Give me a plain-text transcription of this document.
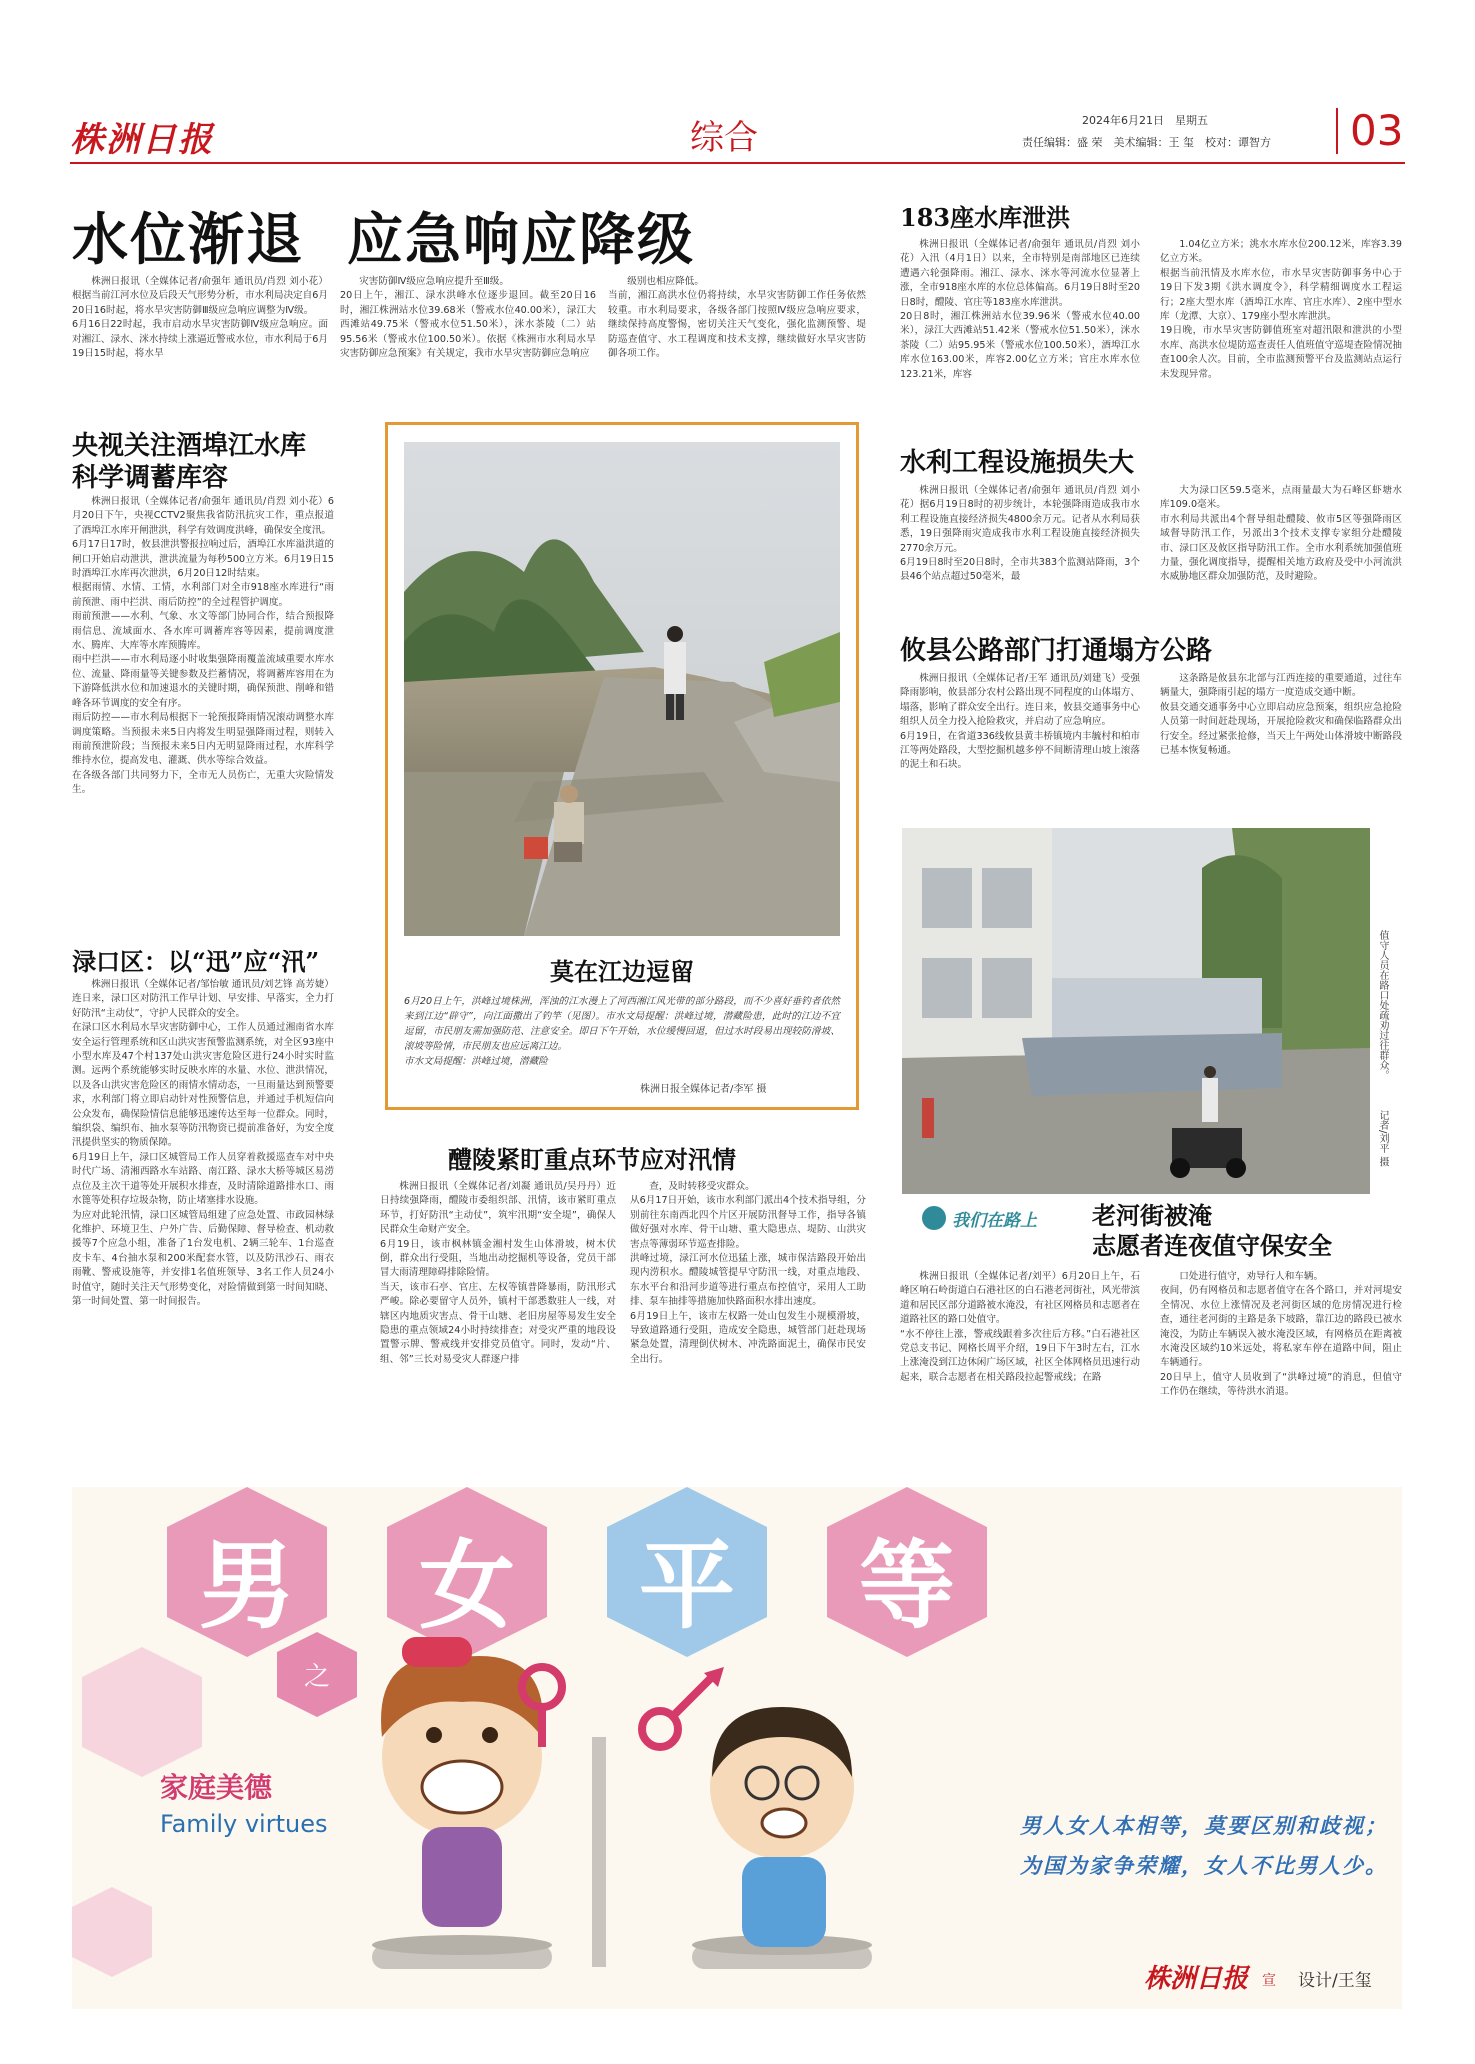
株洲日报	综合	2024年6月21日　星期五
责任编辑：盛 荣　美术编辑：王 玺　校对：谭智方 03
水位渐退  应急响应降级
株洲日报讯（全媒体记者/俞强年 通讯员/肖烈 刘小花）根据当前江河水位及后段天气形势分析，市水利局决定自6月20日16时起，将水旱灾害防御Ⅲ级应急响应调整为Ⅳ级。
6月16日22时起，我市启动水旱灾害防御Ⅳ级应急响应。面对湘江、渌水、洣水持续上涨逼近警戒水位，市水利局于6月19日15时起，将水旱
灾害防御Ⅳ级应急响应提升至Ⅲ级。
20日上午，湘江、渌水洪峰水位逐步退回。截至20日16时，湘江株洲站水位39.68米（警戒水位40.00米），渌江大西滩站49.75米（警戒水位51.50米），洣水茶陵（二）站95.56米（警戒水位100.50米）。依据《株洲市水利局水旱灾害防御应急预案》有关规定，我市水旱灾害防御应急响应
级别也相应降低。
当前，湘江高洪水位仍将持续，水旱灾害防御工作任务依然较重。市水利局要求，各级各部门按照Ⅳ级应急响应要求，继续保持高度警惕，密切关注天气变化，强化监测预警、堤防巡查值守、水工程调度和技术支撑，继续做好水旱灾害防御各项工作。
央视关注酒埠江水库
科学调蓄库容
株洲日报讯（全媒体记者/俞强年 通讯员/肖烈 刘小花）6月20日下午，央视CCTV2聚焦我省防汛抗灾工作，重点报道了酒埠江水库开闸泄洪，科学有效调度洪峰，确保安全度汛。
6月17日17时，攸县泄洪警报拉响过后，酒埠江水库溢洪道的闸口开始启动泄洪，泄洪流量为每秒500立方米。6月19日15时酒埠江水库再次泄洪，6月20日12时结束。
根据雨情、水情、工情，水利部门对全市918座水库进行“雨前预泄、雨中拦洪、雨后防控”的全过程管护调度。
雨前预泄——水利、气象、水文等部门协同合作，结合预报降雨信息、流域面水、各水库可调蓄库容等因素，提前调度泄水、腾库、大库等水库预腾库。
雨中拦洪——市水利局逐小时收集强降雨覆盖流域重要水库水位、流量、降雨量等关键参数及拦蓄情况，将调蓄库容用在为下游降低洪水位和加速退水的关键时期，确保预泄、削峰和错峰各环节调度的安全有序。
雨后防控——市水利局根据下一轮预报降雨情况滚动调整水库调度策略。当预报未来5日内将发生明显强降雨过程，则转入雨前预泄阶段；当预报未来5日内无明显降雨过程，水库科学维持水位，提高发电、灌溉、供水等综合效益。
在各级各部门共同努力下，全市无人员伤亡，无重大灾险情发生。
莫在江边逗留
6月20日上午，洪峰过境株洲，浑浊的江水漫上了河西湘江风光带的部分路段，而不少喜好垂钓者依然来到江边“辟守”，向江面撒出了钓竿（见图）。市水文局提醒：洪峰过境，潜藏险患，此时的江边不宜逗留，市民朋友需加强防范、注意安全。即日下午开始，水位缓慢回退，但过水时段易出现较防滑坡、滚坡等险情，市民朋友也应远离江边。
市水文局提醒：洪峰过境，潜藏险
株洲日报全媒体记者/李军 摄
渌口区：以“迅”应“汛”
株洲日报讯（全媒体记者/邹怡敏 通讯员/刘艺锋 高芳婕）连日来，渌口区对防汛工作早计划、早安排、早落实，全力打好防汛“主动仗”，守护人民群众的安全。
在渌口区水利局水旱灾害防御中心，工作人员通过湘南省水库安全运行管理系统和区山洪灾害预警监测系统，对全区93座中小型水库及47个村137处山洪灾害危险区进行24小时实时监测。远两个系统能够实时反映水库的水量、水位、泄洪情况，以及各山洪灾害危险区的雨情水情动态，一旦雨量达到预警要求，水利部门将立即启动针对性预警信息，并通过手机短信向公众发布，确保险情信息能够迅速传达至每一位群众。同时，编织袋、编织布、抽水泵等防汛物资已提前准备好，为安全度汛提供坚实的物质保障。
6月19日上午，渌口区城管局工作人员穿着救援巡查车对中央时代广场、清湘西路水车站路、南江路、渌水大桥等城区易涝点位及主次干道等处开展积水排查，及时清除道路排水口、雨水篦等处积存垃圾杂物，防止堵塞排水设施。
为应对此轮汛情，渌口区城管局组建了应急处置、市政园林绿化维护、环境卫生、户外广告、后勤保障、督导检查、机动救援等7个应急小组，准备了1台发电机、2辆三轮车、1台巡查皮卡车、4台抽水泵和200米配套水管，以及防汛沙石、雨衣雨靴、警戒设施等，并安排1名值班领导、3名工作人员24小时值守，随时关注天气形势变化，对险情做到第一时间知晓、第一时间处置、第一时间报告。
醴陵紧盯重点环节应对汛情
株洲日报讯（全媒体记者/刘凝 通讯员/吴丹丹）近日持续强降雨，醴陵市委组织部、汛情，该市紧盯重点环节，打好防汛“主动仗”，筑牢汛期“安全堤”，确保人民群众生命财产安全。
6月19日，该市枫林镇金湘村发生山体滑坡，树木伏倒，群众出行受阻，当地出动挖掘机等设备，党员干部冒大雨清理障碍排除险情。
当天，该市石亭、官庄、左权等镇普降暴雨，防汛形式严峻。除必要留守人员外，镇村干部悉数驻人一线，对辖区内地质灾害点、骨干山塘、老旧房屋等易发生安全隐患的重点领域24小时持续排查；对受灾严重的地段设置警示牌、警戒线并安排党员值守。同时，发动“片、组、邻”三长对易受灾人群逐户排
查，及时转移受灾群众。
从6月17日开始，该市水利部门派出4个技术指导组，分别前往东南西北四个片区开展防汛督导工作，指导各镇做好强对水库、骨干山塘、重大隐患点、堤防、山洪灾害点等薄弱环节巡查排险。
洪峰过境，渌江河水位迅猛上涨，城市保洁路段开始出现内涝积水。醴陵城管提早守防汛一线，对重点地段、东水平台和沿河步道等进行重点布控值守，采用人工助排、泵车抽排等措施加快路面积水排出速度。
6月19日上午，该市左权路一处山包发生小规模滑坡，导致道路通行受阻，造成安全隐患，城管部门赶赴现场紧急处置，清理倒伏树木、冲洗路面泥土，确保市民安全出行。
183座水库泄洪
株洲日报讯（全媒体记者/俞强年 通讯员/肖烈 刘小花）入汛（4月1日）以来，全市特别是南部地区已连续遭遇六轮强降雨。湘江、渌水、洣水等河流水位显著上涨，全市918座水库的水位总体偏高。6月19日8时至20日8时，醴陵、官庄等183座水库泄洪。
20日8时，湘江株洲站水位39.96米（警戒水位40.00米），渌江大西滩站51.42米（警戒水位51.50米），洣水茶陵（二）站95.95米（警戒水位100.50米），酒埠江水库水位163.00米，库容2.00亿立方米；官庄水库水位123.21米，库容
1.04亿立方米；洮水水库水位200.12米，库容3.39亿立方米。
根据当前汛情及水库水位，市水旱灾害防御事务中心于19日下发3期《洪水调度令》，科学精细调度水工程运行；2座大型水库（酒埠江水库、官庄水库）、2座中型水库（龙潭、大京）、179座小型水库泄洪。
19日晚，市水旱灾害防御值班室对超汛限和泄洪的小型水库、高洪水位堤防巡查责任人值班值守巡堤查险情况抽查100余人次。目前，全市监测预警平台及监测站点运行未发现异常。
水利工程设施损失大
株洲日报讯（全媒体记者/俞强年 通讯员/肖烈 刘小花）据6月19日8时的初步统计，本轮强降雨造成我市水利工程设施直接经济损失4800余万元。记者从水利局获悉，19日强降雨灾造成我市水利工程设施直接经济损失2770余万元。
6月19日8时至20日8时，全市共383个监测站降雨，3个县46个站点超过50毫米，最
大为渌口区59.5毫米，点雨量最大为石峰区虾塘水库109.0毫米。
市水利局共派出4个督导组赴醴陵、攸市5区等强降雨区域督导防汛工作，另派出3个技术支撑专家组分赴醴陵市、渌口区及攸区指导防汛工作。全市水利系统加强值班力量，强化调度指导，提醒相关地方政府及受中小河流洪水威胁地区群众加强防范，及时避险。
攸县公路部门打通塌方公路
株洲日报讯（全媒体记者/王军 通讯员/刘建飞）受强降雨影响，攸县部分农村公路出现不同程度的山体塌方、塌落，影响了群众安全出行。连日来，攸县交通事务中心组织人员全力投入抢险救灾，并启动了应急响应。
6月19日，在省道336线攸县黄丰桥镇境内丰毓村和柏市江等两处路段，大型挖掘机越多停不间断清理山坡上滚落的泥土和石块。
这条路是攸县东北部与江西连接的重要通道，过往车辆量大，强降雨引起的塌方一度造成交通中断。
攸县交通交通事务中心立即启动应急预案，组织应急抢险人员第一时间赶赴现场，开展抢险救灾和确保临路群众出行安全。经过紧张抢修，当天上午两处山体滑坡中断路段已基本恢复畅通。
值守人员在路口处疏劝过往群众。
记者/刘平 摄
我们在路上 老河街被淹
志愿者连夜值守保安全
株洲日报讯（全媒体记者/刘平）6月20日上午，石峰区响石岭街道白石港社区的白石港老河街社，风光带滨道和居民区部分道路被水淹没，有社区网格员和志愿者在道路社区的路口处值守。
“水不停往上涨，警戒线跟着多次往后方移。”白石港社区党总支书记、网格长周平介绍，19日下午3时左右，江水上涨淹没到江边休闲广场区域，社区全体网格员迅速行动起来，联合志愿者在相关路段拉起警戒线；在路
口处进行值守，劝导行人和车辆。
夜间，仍有网格员和志愿者值守在各个路口，并对河堤安全情况、水位上涨情况及老河街区域的危房情况进行检查，通往老河街的主路是条下坡路，靠江边的路段已被水淹没，为防止车辆误入被水淹没区域，有网格员在距离被水淹没区域约10米远处，将私家车停在道路中间，阻止车辆通行。
20日早上，值守人员收到了“洪峰过境”的消息，但值守工作仍在继续，等待洪水消退。
男	女	平	等
之
家庭美德
Family virtues	男人女人本相等，莫要区别和歧视；
为国为家争荣耀，女人不比男人少。
株洲日报 宣 设计/王玺
